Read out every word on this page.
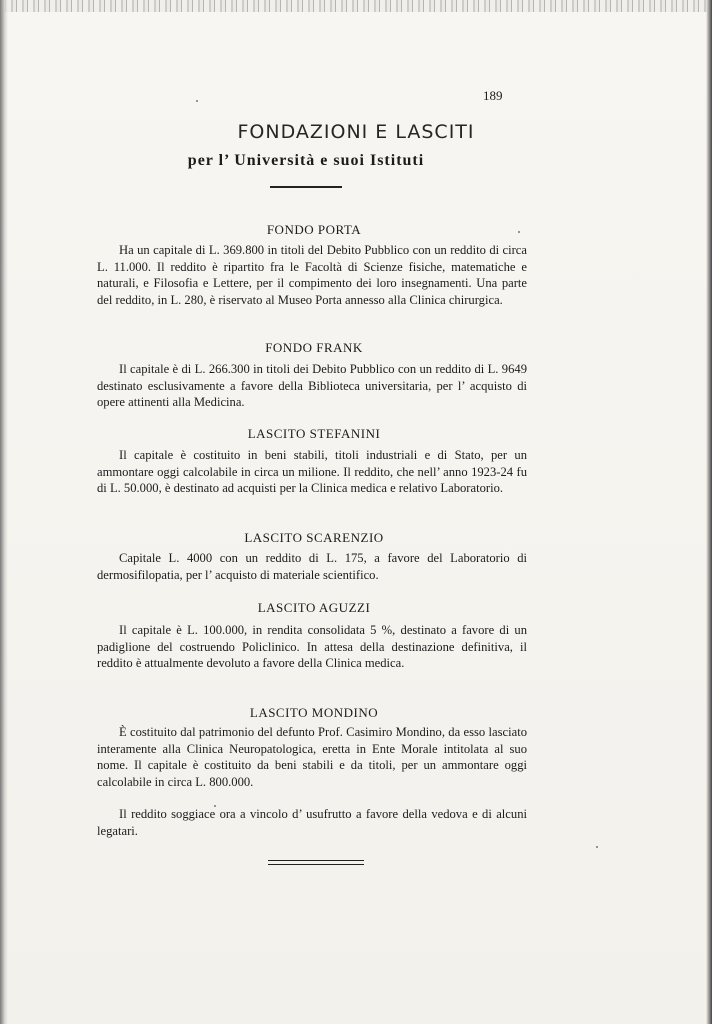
189
FONDAZIONI E LASCITI
per l’ Università e suoi Istituti
FONDO PORTA
Ha un capitale di L. 369.800 in titoli del Debito Pubblico con un reddito di circa L. 11.000. Il reddito è ripartito fra le Facoltà di Scienze fisiche, matematiche e naturali, e Filosofia e Lettere, per il compimento dei loro insegnamenti. Una parte del reddito, in L. 280, è riservato al Museo Porta annesso alla Clinica chirurgica.
FONDO FRANK
Il capitale è di L. 266.300 in titoli dei Debito Pubblico con un reddito di L. 9649 destinato esclusivamente a favore della Biblioteca universitaria, per l’ acquisto di opere attinenti alla Medicina.
LASCITO STEFANINI
Il capitale è costituito in beni stabili, titoli industriali e di Stato, per un ammontare oggi calcolabile in circa un milione. Il reddito, che nell’ anno 1923-24 fu di L. 50.000, è destinato ad acquisti per la Clinica medica e relativo Laboratorio.
LASCITO SCARENZIO
Capitale L. 4000 con un reddito di L. 175, a favore del Laboratorio di dermosifilopatia, per l’ acquisto di materiale scientifico.
LASCITO AGUZZI
Il capitale è L. 100.000, in rendita consolidata 5 %, destinato a favore di un padiglione del costruendo Policlinico. In attesa della destinazione definitiva, il reddito è attualmente devoluto a favore della Clinica medica.
LASCITO MONDINO
È costituito dal patrimonio del defunto Prof. Casimiro Mondino, da esso lasciato interamente alla Clinica Neuropatologica, eretta in Ente Morale intitolata al suo nome. Il capitale è costituito da beni stabili e da titoli, per un ammontare oggi calcolabile in circa L. 800.000.
Il reddito soggiace ora a vincolo d’ usufrutto a favore della vedova e di alcuni legatari.
